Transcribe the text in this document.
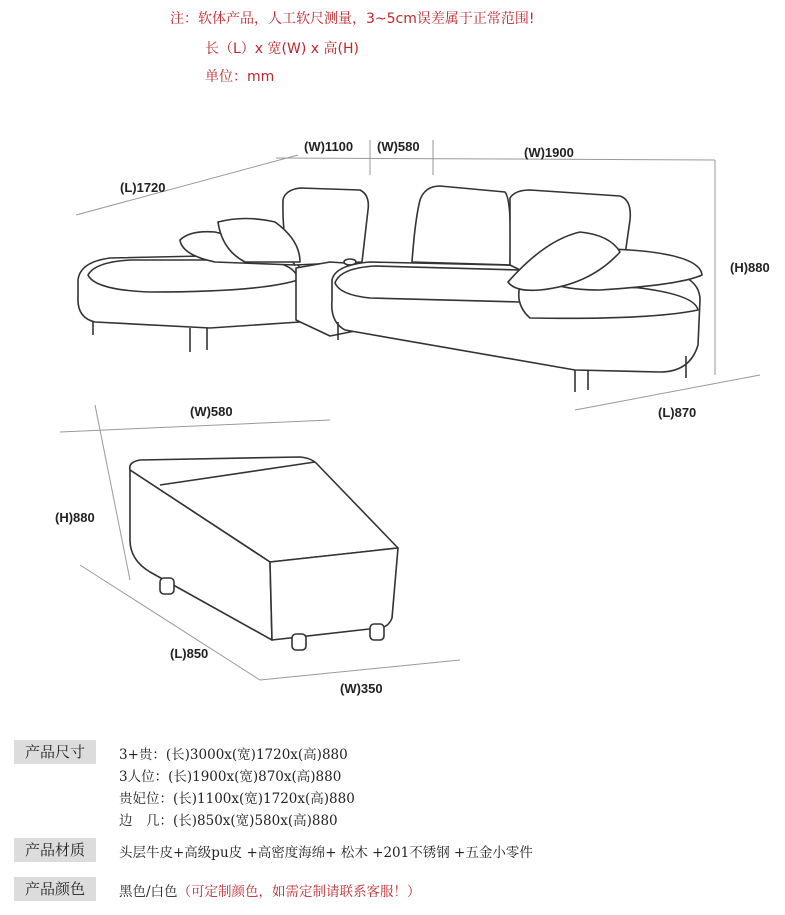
注：软体产品，人工软尺测量，3~5cm误差属于正常范围!
长（L）x 宽(W) x 高(H)
单位：mm
(L)1720
(W)1100 (W)580	(W)1900
(H)880
(L)870
(W)580
(H)880
(L)850
(W)350
产品尺寸	3+贵：(长)3000x(宽)1720x(高)880
3人位：(长)1900x(宽)870x(高)880
贵妃位：(长)1100x(宽)1720x(高)880
边　几：(长)850x(宽)580x(高)880
产品材质	头层牛皮+高级pu皮 +高密度海绵+ 松木 +201不锈钢 +五金小零件
产品颜色	黑色/白色（可定制颜色，如需定制请联系客服！）
